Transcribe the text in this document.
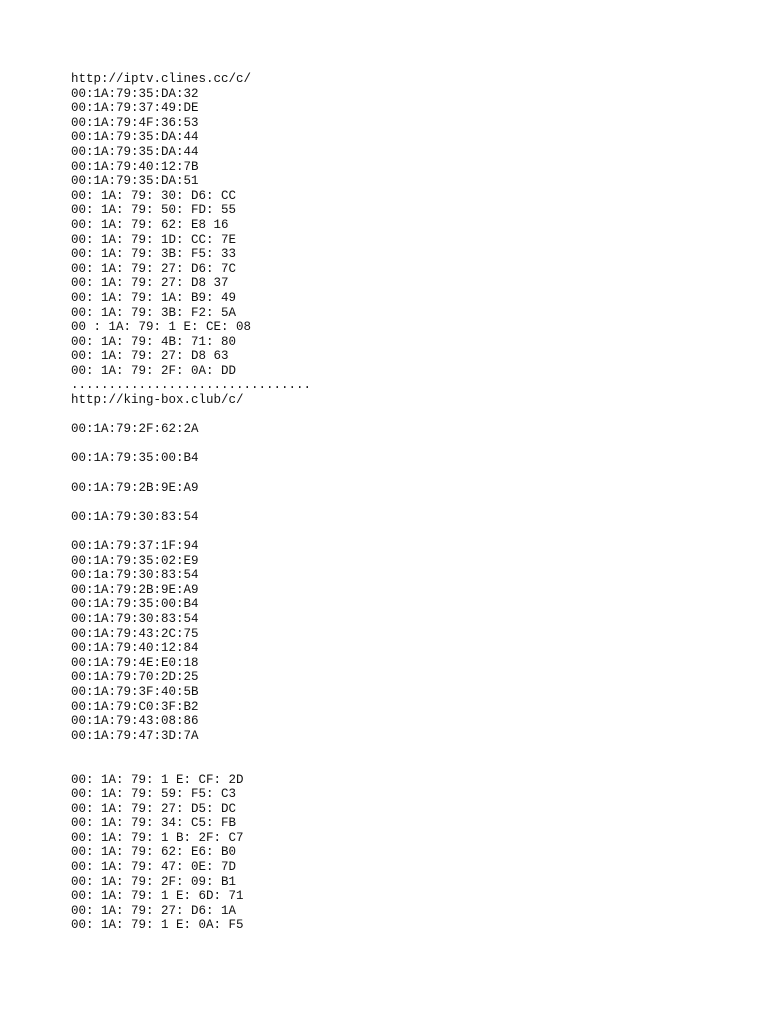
http://iptv.clines.cc/c/
00:1A:79:35:DA:32
00:1A:79:37:49:DE
00:1A:79:4F:36:53
00:1A:79:35:DA:44
00:1A:79:35:DA:44
00:1A:79:40:12:7B
00:1A:79:35:DA:51
00: 1A: 79: 30: D6: CC
00: 1A: 79: 50: FD: 55
00: 1A: 79: 62: E8 16
00: 1A: 79: 1D: CC: 7E
00: 1A: 79: 3B: F5: 33
00: 1A: 79: 27: D6: 7C
00: 1A: 79: 27: D8 37
00: 1A: 79: 1A: B9: 49
00: 1A: 79: 3B: F2: 5A
00 : 1A: 79: 1 E: CE: 08
00: 1A: 79: 4B: 71: 80
00: 1A: 79: 27: D8 63
00: 1A: 79: 2F: 0A: DD
................................
http://king-box.club/c/
00:1A:79:2F:62:2A
00:1A:79:35:00:B4
00:1A:79:2B:9E:A9
00:1A:79:30:83:54
00:1A:79:37:1F:94
00:1A:79:35:02:E9
00:1a:79:30:83:54
00:1A:79:2B:9E:A9
00:1A:79:35:00:B4
00:1A:79:30:83:54
00:1A:79:43:2C:75
00:1A:79:40:12:84
00:1A:79:4E:E0:18
00:1A:79:70:2D:25
00:1A:79:3F:40:5B
00:1A:79:C0:3F:B2
00:1A:79:43:08:86
00:1A:79:47:3D:7A
00: 1A: 79: 1 E: CF: 2D
00: 1A: 79: 59: F5: C3
00: 1A: 79: 27: D5: DC
00: 1A: 79: 34: C5: FB
00: 1A: 79: 1 B: 2F: C7
00: 1A: 79: 62: E6: B0
00: 1A: 79: 47: 0E: 7D
00: 1A: 79: 2F: 09: B1
00: 1A: 79: 1 E: 6D: 71
00: 1A: 79: 27: D6: 1A
00: 1A: 79: 1 E: 0A: F5
